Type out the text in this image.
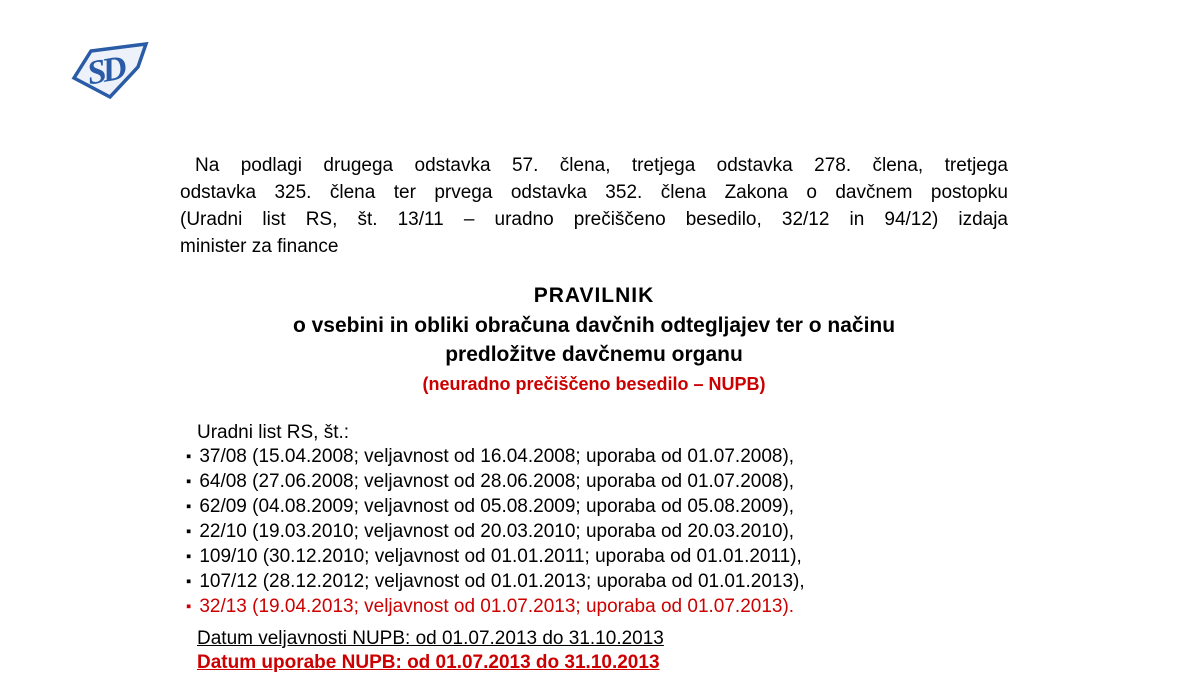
SD
Na podlagi drugega odstavka 57. člena, tretjega odstavka 278. člena, tretjega
odstavka 325. člena ter prvega odstavka 352. člena Zakona o davčnem postopku
(Uradni list RS, št. 13/11 – uradno prečiščeno besedilo, 32/12 in 94/12) izdaja
minister za finance
PRAVILNIK
o vsebini in obliki obračuna davčnih odtegljajev ter o načinu
predložitve davčnemu organu
(neuradno prečiščeno besedilo – NUPB)
Uradni list RS, št.:
▪ 37/08 (15.04.2008; veljavnost od 16.04.2008; uporaba od 01.07.2008),
▪ 64/08 (27.06.2008; veljavnost od 28.06.2008; uporaba od 01.07.2008),
▪ 62/09 (04.08.2009; veljavnost od 05.08.2009; uporaba od 05.08.2009),
▪ 22/10 (19.03.2010; veljavnost od 20.03.2010; uporaba od 20.03.2010),
▪ 109/10 (30.12.2010; veljavnost od 01.01.2011; uporaba od 01.01.2011),
▪ 107/12 (28.12.2012; veljavnost od 01.01.2013; uporaba od 01.01.2013),
▪ 32/13 (19.04.2013; veljavnost od 01.07.2013; uporaba od 01.07.2013).
Datum veljavnosti NUPB: od 01.07.2013 do 31.10.2013
Datum uporabe NUPB: od 01.07.2013 do 31.10.2013
